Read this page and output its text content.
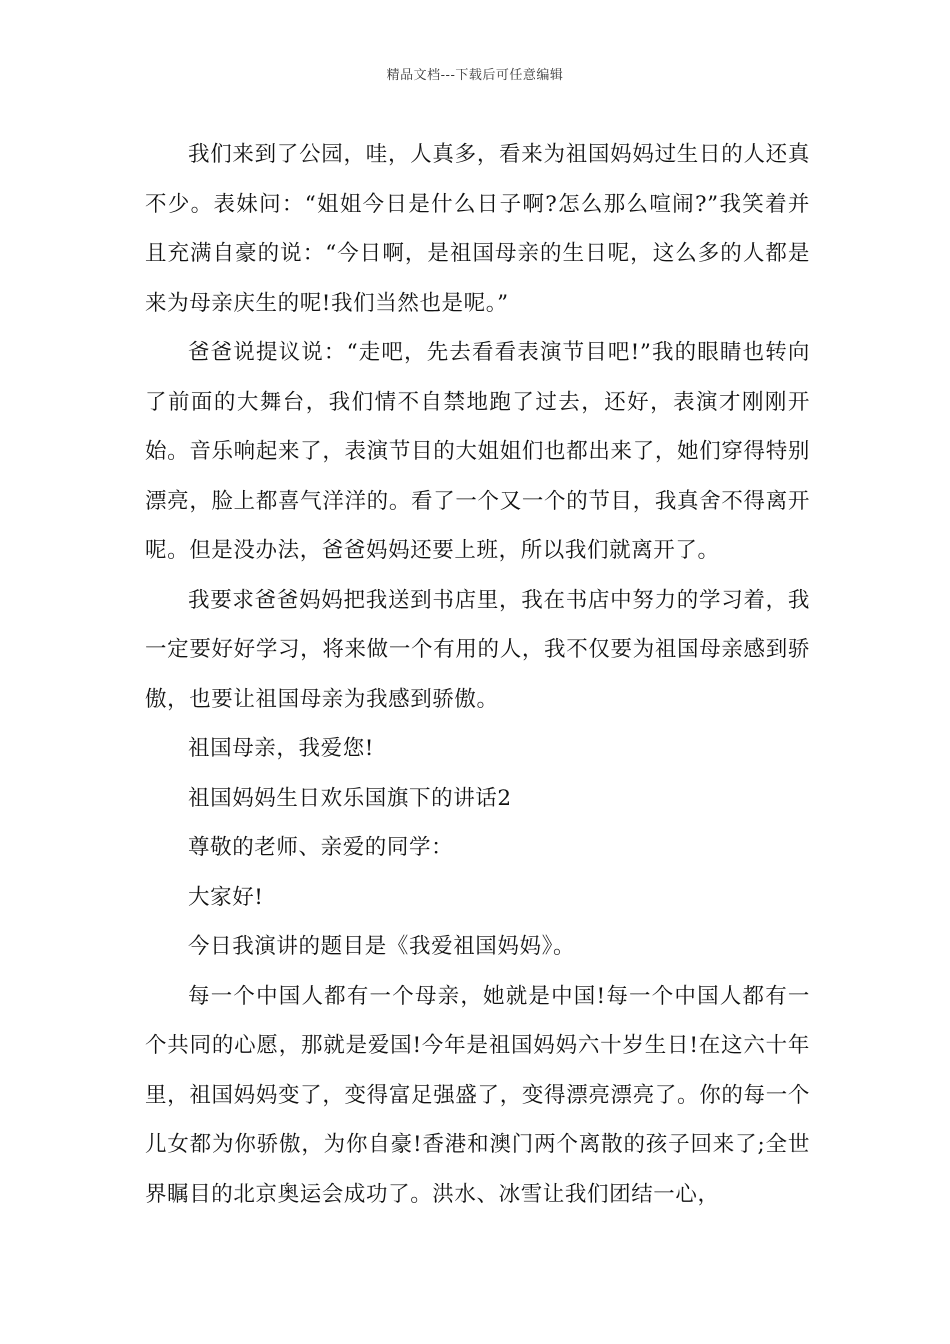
精品文档---下载后可任意编辑

我们来到了公园，哇，人真多，看来为祖国妈妈过生日的人还真不少。表妹问：“姐姐今日是什么日子啊?怎么那么喧闹?”我笑着并且充满自豪的说：“今日啊，是祖国母亲的生日呢，这么多的人都是来为母亲庆生的呢!我们当然也是呢。”

爸爸说提议说：“走吧，先去看看表演节目吧!”我的眼睛也转向了前面的大舞台，我们情不自禁地跑了过去，还好，表演才刚刚开始。音乐响起来了，表演节目的大姐姐们也都出来了，她们穿得特别漂亮，脸上都喜气洋洋的。看了一个又一个的节目，我真舍不得离开呢。但是没办法，爸爸妈妈还要上班，所以我们就离开了。

我要求爸爸妈妈把我送到书店里，我在书店中努力的学习着，我一定要好好学习，将来做一个有用的人，我不仅要为祖国母亲感到骄傲，也要让祖国母亲为我感到骄傲。

祖国母亲，我爱您!

祖国妈妈生日欢乐国旗下的讲话2

尊敬的老师、亲爱的同学：

大家好!

今日我演讲的题目是《我爱祖国妈妈》。

每一个中国人都有一个母亲，她就是中国!每一个中国人都有一个共同的心愿，那就是爱国!今年是祖国妈妈六十岁生日!在这六十年里，祖国妈妈变了，变得富足强盛了，变得漂亮漂亮了。你的每一个儿女都为你骄傲，为你自豪!香港和澳门两个离散的孩子回来了;全世界瞩目的北京奥运会成功了。洪水、冰雪让我们团结一心，
